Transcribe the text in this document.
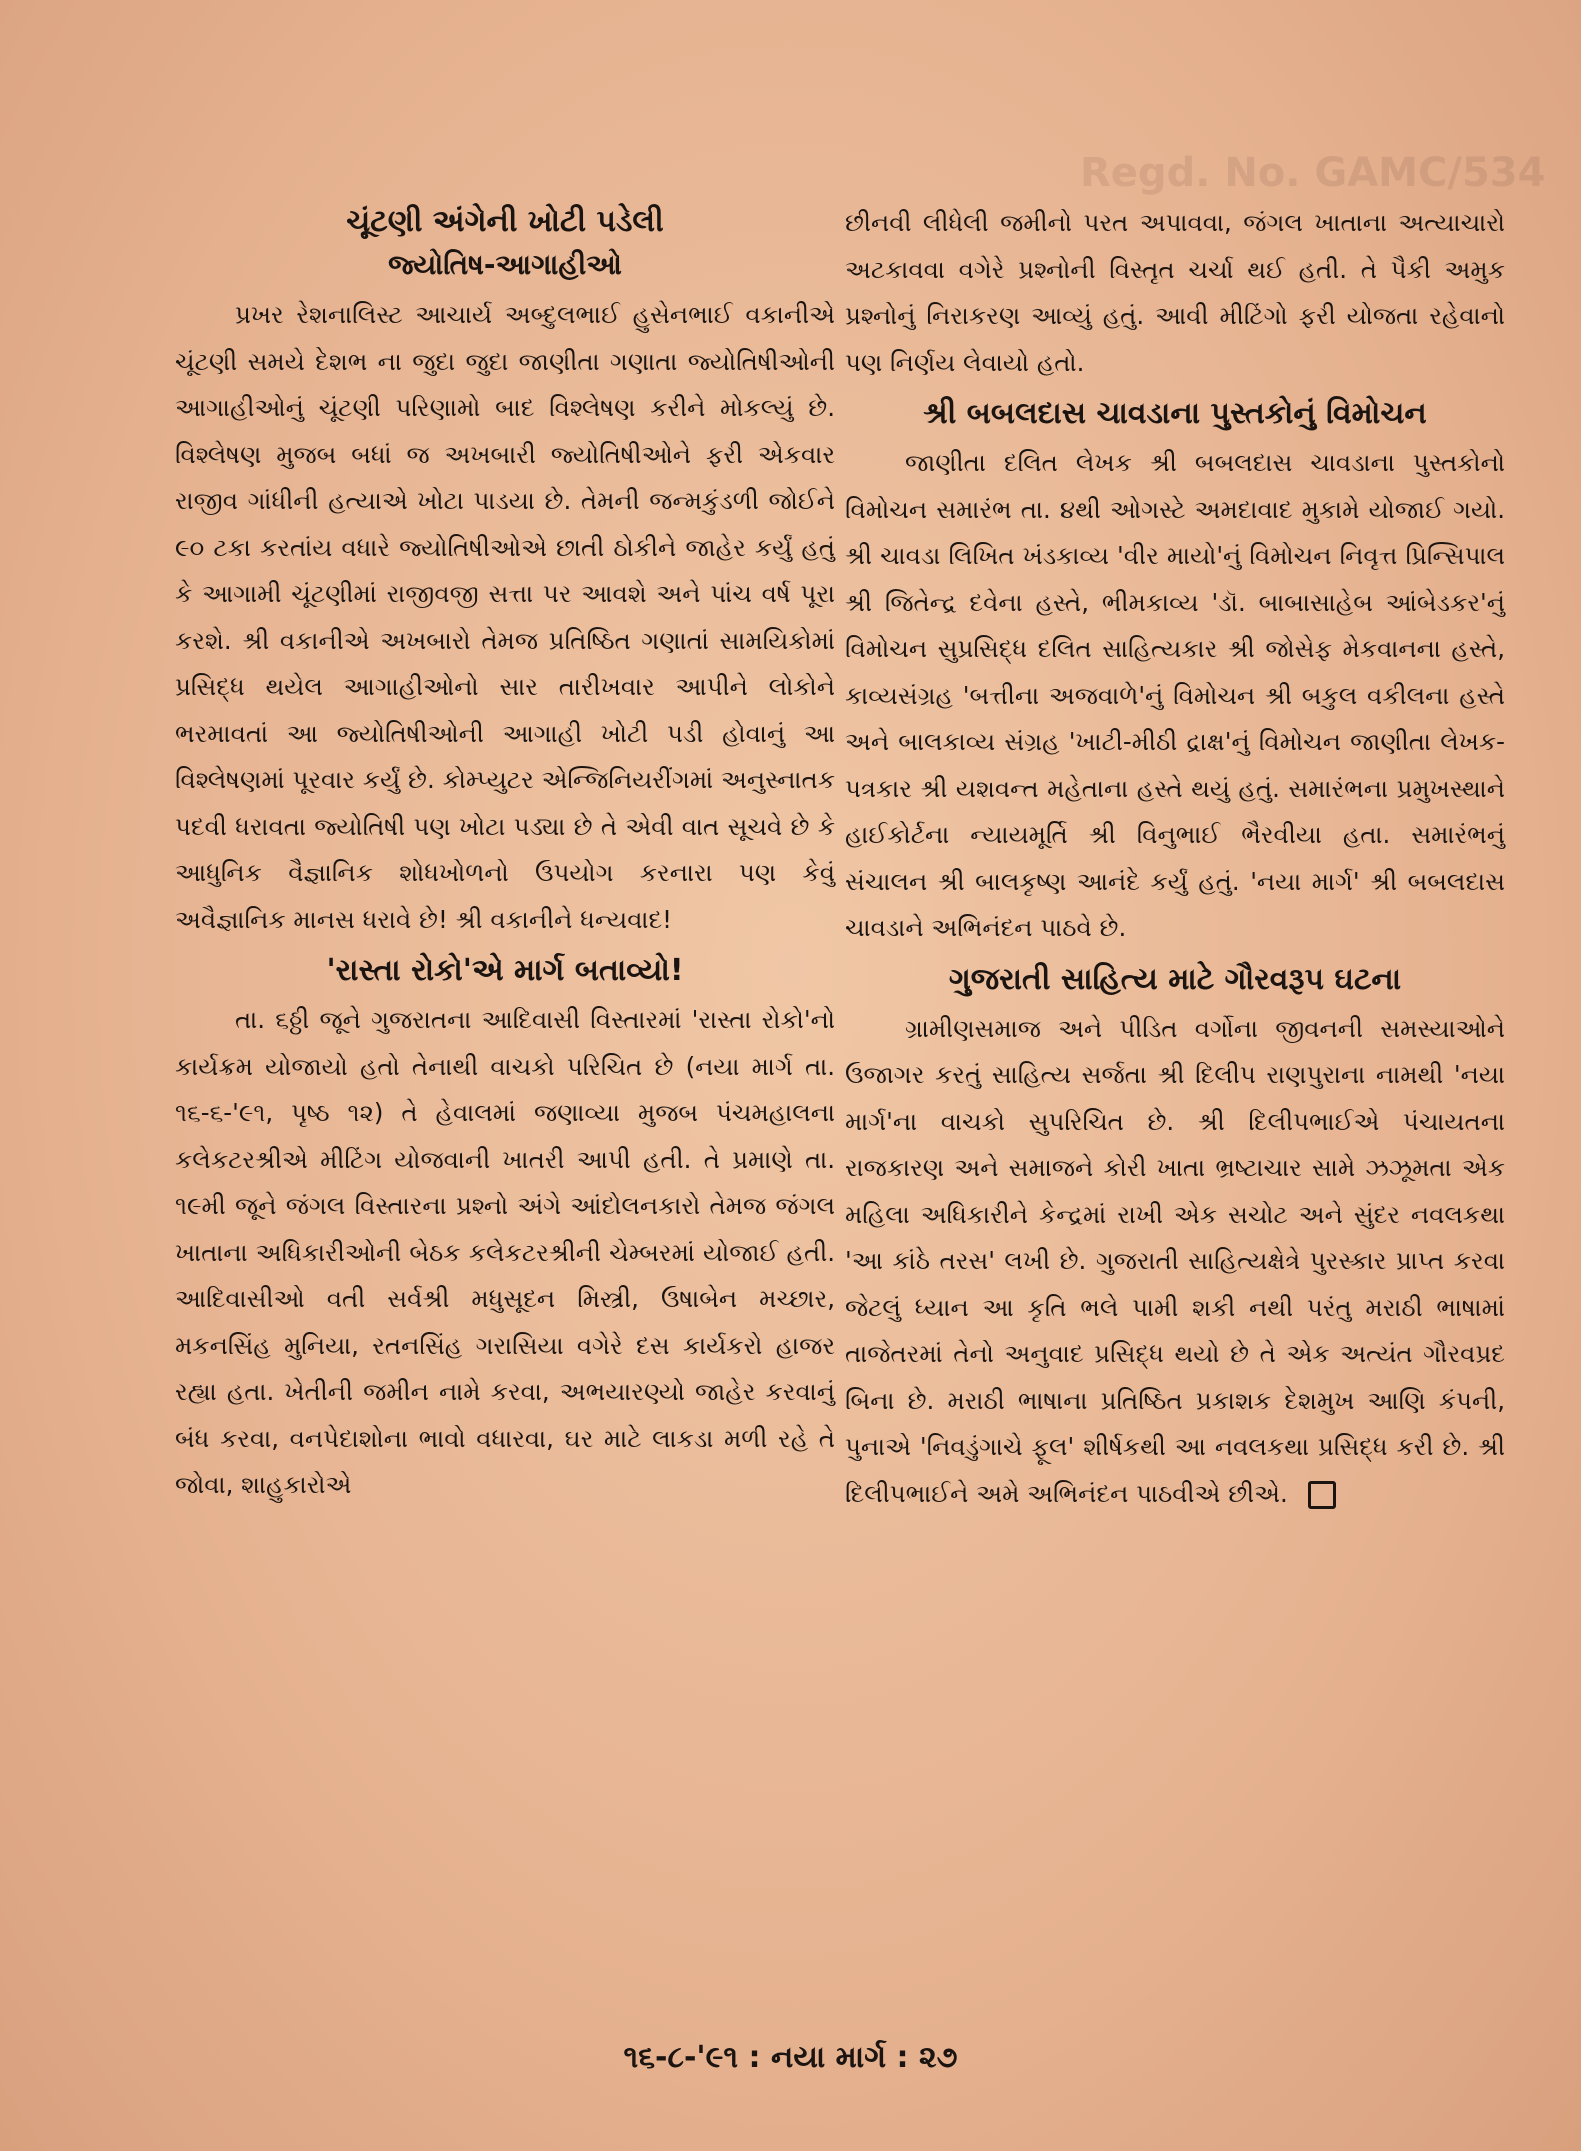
Regd. No. GAMC/534
ચૂંટણી અંગેની ખોટી પડેલી
જ્યોતિષ-આગાહીઓ

પ્રખર રેશનાલિસ્ટ આચાર્ય અબ્દુલભાઈ હુસેનભાઈ વકાનીએ ચૂંટણી સમયે દેશભ ના જુદા જુદા જાણીતા ગણાતા જ્યોતિષીઓની આગાહીઓનું ચૂંટણી પરિણામો બાદ વિશ્લેષણ કરીને મોકલ્યું છે. વિશ્લેષણ મુજબ બધાં જ અખબારી જ્યોતિષીઓને ફરી એકવાર રાજીવ ગાંધીની હત્યાએ ખોટા પાડયા છે. તેમની જન્મકુંડળી જોઈને ૯૦ ટકા કરતાંય વધારે જ્યોતિષીઓએ છાતી ઠોકીને જાહેર કર્યું હતું કે આગામી ચૂંટણીમાં રાજીવજી સત્તા પર આવશે અને પાંચ વર્ષ પૂરા કરશે. શ્રી વકાનીએ અખબારો તેમજ પ્રતિષ્ઠિત ગણાતાં સામયિકોમાં પ્રસિદ્ધ થયેલ આગાહીઓનો સાર તારીખવાર આપીને લોકોને ભરમાવતાં આ જ્યોતિષીઓની આગાહી ખોટી પડી હોવાનું આ વિશ્લેષણમાં પૂરવાર કર્યું છે. કોમ્પ્યુટર એન્જિનિયરીંગમાં અનુસ્નાતક પદવી ધરાવતા જ્યોતિષી પણ ખોટા પડ્યા છે તે એવી વાત સૂચવે છે કે આધુનિક વૈજ્ઞાનિક શોધખોળનો ઉપયોગ કરનારા પણ કેવું અવૈજ્ઞાનિક માનસ ધરાવે છે! શ્રી વકાનીને ધન્યવાદ!

'રાસ્તા રોકો'એ માર્ગ બતાવ્યો!

તા. ૬ઠ્ઠી જૂને ગુજરાતના આદિવાસી વિસ્તારમાં 'રાસ્તા રોકો'નો કાર્યક્રમ યોજાયો હતો તેનાથી વાચકો પરિચિત છે (નયા માર્ગ તા. ૧૬-૬-'૯૧, પૃષ્ઠ ૧૨) તે હેવાલમાં જણાવ્યા મુજબ પંચમહાલના કલેકટરશ્રીએ મીટિંગ યોજવાની ખાતરી આપી હતી. તે પ્રમાણે તા. ૧૯મી જૂને જંગલ વિસ્તારના પ્રશ્નો અંગે આંદોલનકારો તેમજ જંગલ ખાતાના અધિકારીઓની બેઠક કલેકટરશ્રીની ચેમ્બરમાં યોજાઈ હતી. આદિવાસીઓ વતી સર્વશ્રી મધુસૂદન મિસ્ત્રી, ઉષાબેન મચ્છાર, મકનસિંહ મુનિયા, રતનસિંહ ગરાસિયા વગેરે દસ કાર્યકરો હાજર રહ્યા હતા. ખેતીની જમીન નામે કરવા, અભયારણ્યો જાહેર કરવાનું બંધ કરવા, વનપેદાશોના ભાવો વધારવા, ઘર માટે લાકડા મળી રહે તે જોવા, શાહુકારોએ

છીનવી લીધેલી જમીનો પરત અપાવવા, જંગલ ખાતાના અત્યાચારો અટકાવવા વગેરે પ્રશ્નોની વિસ્તૃત ચર્ચા થઈ હતી. તે પૈકી અમુક પ્રશ્નોનું નિરાકરણ આવ્યું હતું. આવી મીટિંગો ફરી યોજતા રહેવાનો પણ નિર્ણય લેવાયો હતો.

શ્રી બબલદાસ ચાવડાના પુસ્તકોનું વિમોચન

જાણીતા દલિત લેખક શ્રી બબલદાસ ચાવડાના પુસ્તકોનો વિમોચન સમારંભ તા. ૪થી ઓગસ્ટે અમદાવાદ મુકામે યોજાઈ ગયો. શ્રી ચાવડા લિખિત ખંડકાવ્ય 'વીર માયો'નું વિમોચન નિવૃત્ત પ્રિન્સિપાલ શ્રી જિતેન્દ્ર દવેના હસ્તે, ભીમકાવ્ય 'ડૉ. બાબાસાહેબ આંબેડકર'નું વિમોચન સુપ્રસિદ્ધ દલિત સાહિત્યકાર શ્રી જોસેફ મેકવાનના હસ્તે, કાવ્યસંગ્રહ 'બત્તીના અજવાળે'નું વિમોચન શ્રી બકુલ વકીલના હસ્તે અને બાલકાવ્ય સંગ્રહ 'ખાટી-મીઠી દ્રાક્ષ'નું વિમોચન જાણીતા લેખક-પત્રકાર શ્રી યશવન્ત મહેતાના હસ્તે થયું હતું. સમારંભના પ્રમુખસ્થાને હાઈકોર્ટના ન્યાયમૂર્તિ શ્રી વિનુભાઈ ભૈરવીયા હતા. સમારંભનું સંચાલન શ્રી બાલકૃષ્ણ આનંદે કર્યું હતું. 'નયા માર્ગ' શ્રી બબલદાસ ચાવડાને અભિનંદન પાઠવે છે.

ગુજરાતી સાહિત્ય માટે ગૌરવરૂપ ઘટના

ગ્રામીણસમાજ અને પીડિત વર્ગોના જીવનની સમસ્યાઓને ઉજાગર કરતું સાહિત્ય સર્જતા શ્રી દિલીપ રાણપુરાના નામથી 'નયા માર્ગ'ના વાચકો સુપરિચિત છે. શ્રી દિલીપભાઈએ પંચાયતના રાજકારણ અને સમાજને કોરી ખાતા ભ્રષ્ટાચાર સામે ઝઝૂમતા એક મહિલા અધિકારીને કેન્દ્રમાં રાખી એક સચોટ અને સુંદર નવલકથા 'આ કાંઠે તરસ' લખી છે. ગુજરાતી સાહિત્યક્ષેત્રે પુરસ્કાર પ્રાપ્ત કરવા જેટલું ધ્યાન આ કૃતિ ભલે પામી શકી નથી પરંતુ મરાઠી ભાષામાં તાજેતરમાં તેનો અનુવાદ પ્રસિદ્ધ થયો છે તે એક અત્યંત ગૌરવપ્રદ બિના છે. મરાઠી ભાષાના પ્રતિષ્ઠિત પ્રકાશક દેશમુખ આણિ કંપની, પુનાએ 'નિવડુંગાચે ફૂલ' શીર્ષકથી આ નવલકથા પ્રસિદ્ધ કરી છે. શ્રી દિલીપભાઈને અમે અભિનંદન પાઠવીએ છીએ.

૧૬-૮-'૯૧ : નયા માર્ગ : ૨૭
